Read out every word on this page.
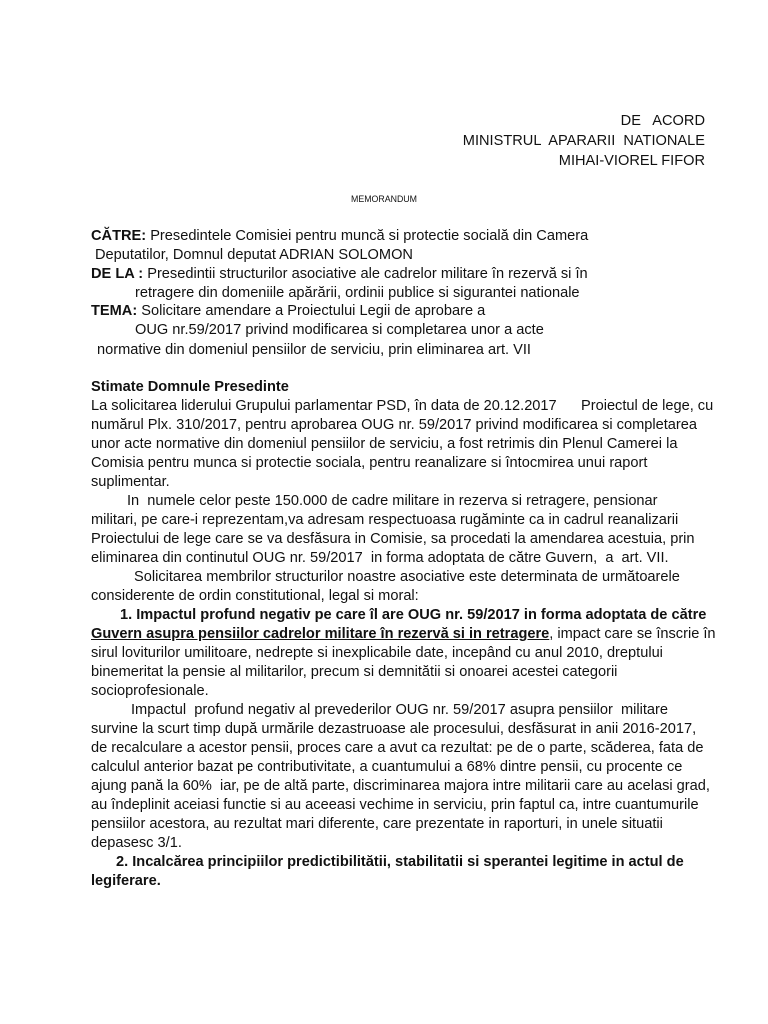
DE   ACORD
MINISTRUL  APARARII  NATIONALE
MIHAI-VIOREL FIFOR
MEMORANDUM
CĂTRE: Presedintele Comisiei pentru muncă si protectie socială din Camera
Deputatilor, Domnul deputat ADRIAN SOLOMON
DE LA : Presedintii structurilor asociative ale cadrelor militare în rezervă si în
retragere din domeniile apărării, ordinii publice si sigurantei nationale
TEMA: Solicitare amendare a Proiectului Legii de aprobare a
OUG nr.59/2017 privind modificarea si completarea unor a acte
normative din domeniul pensiilor de serviciu, prin eliminarea art. VII
Stimate Domnule Presedinte
La solicitarea liderului Grupului parlamentar PSD, în data de 20.12.2017      Proiectul de lege, cu
numărul Plx. 310/2017, pentru aprobarea OUG nr. 59/2017 privind modificarea si completarea
unor acte normative din domeniul pensiilor de serviciu, a fost retrimis din Plenul Camerei la
Comisia pentru munca si protectie sociala, pentru reanalizare si întocmirea unui raport
suplimentar.
In  numele celor peste 150.000 de cadre militare in rezerva si retragere, pensionar
militari, pe care-i reprezentam,va adresam respectuoasa rugăminte ca in cadrul reanalizarii
Proiectului de lege care se va desfăsura in Comisie, sa procedati la amendarea acestuia, prin
eliminarea din continutul OUG nr. 59/2017  in forma adoptata de către Guvern,  a  art. VII.
Solicitarea membrilor structurilor noastre asociative este determinata de următoarele
considerente de ordin constitutional, legal si moral:
1. Impactul profund negativ pe care îl are OUG nr. 59/2017 in forma adoptata de către
Guvern asupra pensiilor cadrelor militare în rezervă si in retragere, impact care se înscrie în
sirul loviturilor umilitoare, nedrepte si inexplicabile date, incepând cu anul 2010, dreptului
binemeritat la pensie al militarilor, precum si demnitătii si onoarei acestei categorii
socioprofesionale.
Impactul  profund negativ al prevederilor OUG nr. 59/2017 asupra pensiilor  militare
survine la scurt timp după urmările dezastruoase ale procesului, desfăsurat in anii 2016-2017,
de recalculare a acestor pensii, proces care a avut ca rezultat: pe de o parte, scăderea, fata de
calculul anterior bazat pe contributivitate, a cuantumului a 68% dintre pensii, cu procente ce
ajung pană la 60%  iar, pe de altă parte, discriminarea majora intre militarii care au acelasi grad,
au îndeplinit aceiasi functie si au aceeasi vechime in serviciu, prin faptul ca, intre cuantumurile
pensiilor acestora, au rezultat mari diferente, care prezentate in raporturi, in unele situatii
depasesc 3/1.
2. Incalcărea principiilor predictibilitătii, stabilitatii si sperantei legitime in actul de
legiferare.
